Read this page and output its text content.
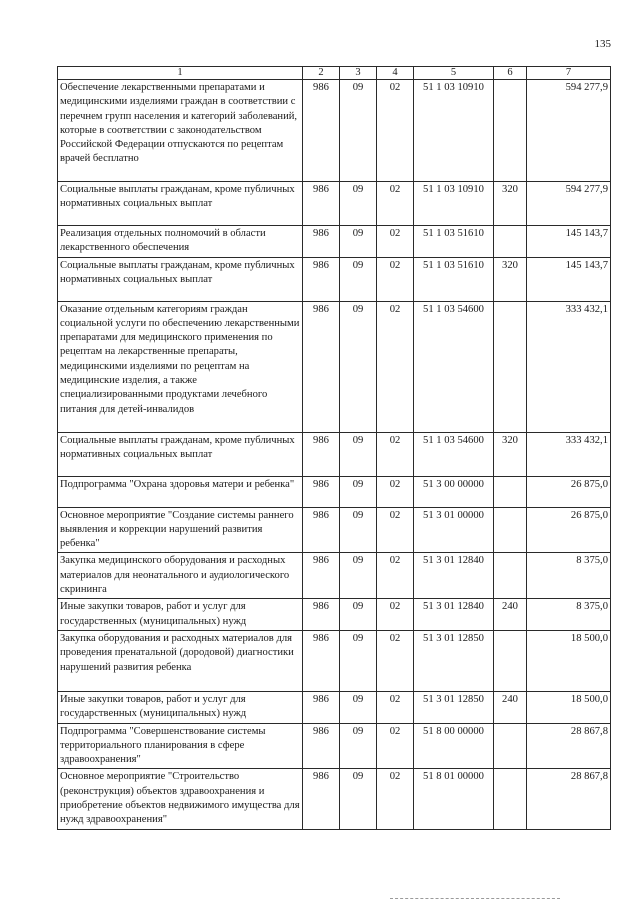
135
1	2	3	4	5	6	7
Обеспечение лекарственными препаратами и медицинскими изделиями граждан в соответствии с перечнем групп населения и категорий заболеваний, которые в соответствии с законодательством Российской Федерации отпускаются по рецептам врачей бесплатно	986	09	02	51 1 03 10910		594 277,9
Социальные выплаты гражданам, кроме публичных нормативных социальных выплат	986	09	02	51 1 03 10910	320	594 277,9
Реализация отдельных полномочий в области лекарственного обеспечения	986	09	02	51 1 03 51610		145 143,7
Социальные выплаты гражданам, кроме публичных нормативных социальных выплат	986	09	02	51 1 03 51610	320	145 143,7
Оказание отдельным категориям граждан социальной услуги по обеспечению лекарственными препаратами для медицинского применения по рецептам на лекарственные препараты, медицинскими изделиями по рецептам на медицинские изделия, а также специализированными продуктами лечебного питания для детей-инвалидов	986	09	02	51 1 03 54600		333 432,1
Социальные выплаты гражданам, кроме публичных нормативных социальных выплат	986	09	02	51 1 03 54600	320	333 432,1
Подпрограмма "Охрана здоровья матери и ребенка"	986	09	02	51 3 00 00000		26 875,0
Основное мероприятие "Создание системы раннего выявления и коррекции нарушений развития ребенка"	986	09	02	51 3 01 00000		26 875,0
Закупка медицинского оборудования и расходных материалов для неонатального и аудиологического скрининга	986	09	02	51 3 01 12840		8 375,0
Иные закупки товаров, работ и услуг для государственных (муниципальных) нужд	986	09	02	51 3 01 12840	240	8 375,0
Закупка оборудования и расходных материалов для проведения пренатальной (дородовой) диагностики нарушений развития ребенка	986	09	02	51 3 01 12850		18 500,0
Иные закупки товаров, работ и услуг для государственных (муниципальных) нужд	986	09	02	51 3 01 12850	240	18 500,0
Подпрограмма "Совершенствование системы территориального планирования в сфере здравоохранения"	986	09	02	51 8 00 00000		28 867,8
Основное мероприятие "Строительство (реконструкция) объектов здравоохранения и приобретение объектов недвижимого имущества для нужд здравоохранения"	986	09	02	51 8 01 00000		28 867,8
